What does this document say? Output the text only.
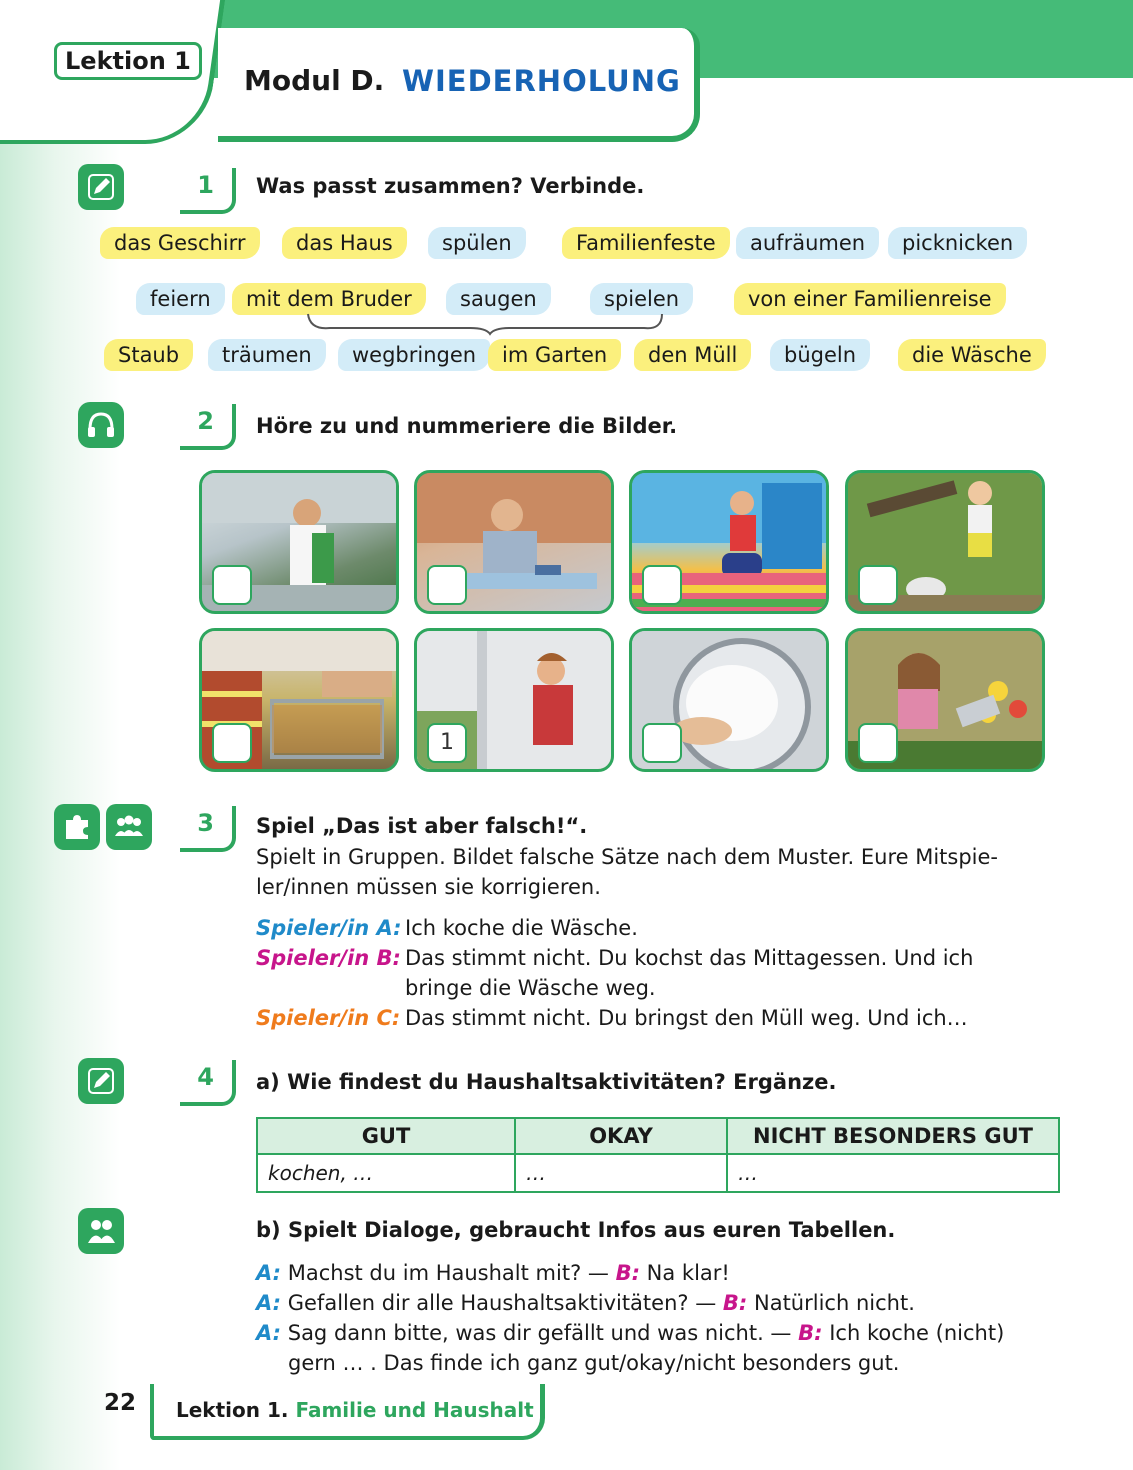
Lektion 1
Modul D. WIEDERHOLUNG
1	Was passt zusammen? Verbinde.
das Geschirr	das Haus	spülen	Familienfeste	aufräumen	picknicken
feiern	mit dem Bruder	saugen	spielen	von einer Familienreise
Staub	träumen	wegbringen	im Garten	den Müll	bügeln	die Wäsche
2	Höre zu und nummeriere die Bilder.
1
3	Spiel „Das ist aber falsch!“.
Spielt in Gruppen. Bildet falsche Sätze nach dem Muster. Eure Mitspie-
ler/innen müssen sie korrigieren.
Spieler/in A: Ich koche die Wäsche.
Spieler/in B: Das stimmt nicht. Du kochst das Mittagessen. Und ich
bringe die Wäsche weg.
Spieler/in C: Das stimmt nicht. Du bringst den Müll weg. Und ich…
4	a) Wie findest du Haushaltsaktivitäten? Ergänze.
GUT	OKAY	NICHT BESONDERS GUT
kochen, …	…	…
b) Spielt Dialoge, gebraucht Infos aus euren Tabellen.
A: Machst du im Haushalt mit? — B: Na klar!
A: Gefallen dir alle Haushaltsaktivitäten? — B: Natürlich nicht.
A: Sag dann bitte, was dir gefällt und was nicht. — B: Ich koche (nicht)
gern … . Das finde ich ganz gut/okay/nicht besonders gut.
22 Lektion 1. Familie und Haushalt
